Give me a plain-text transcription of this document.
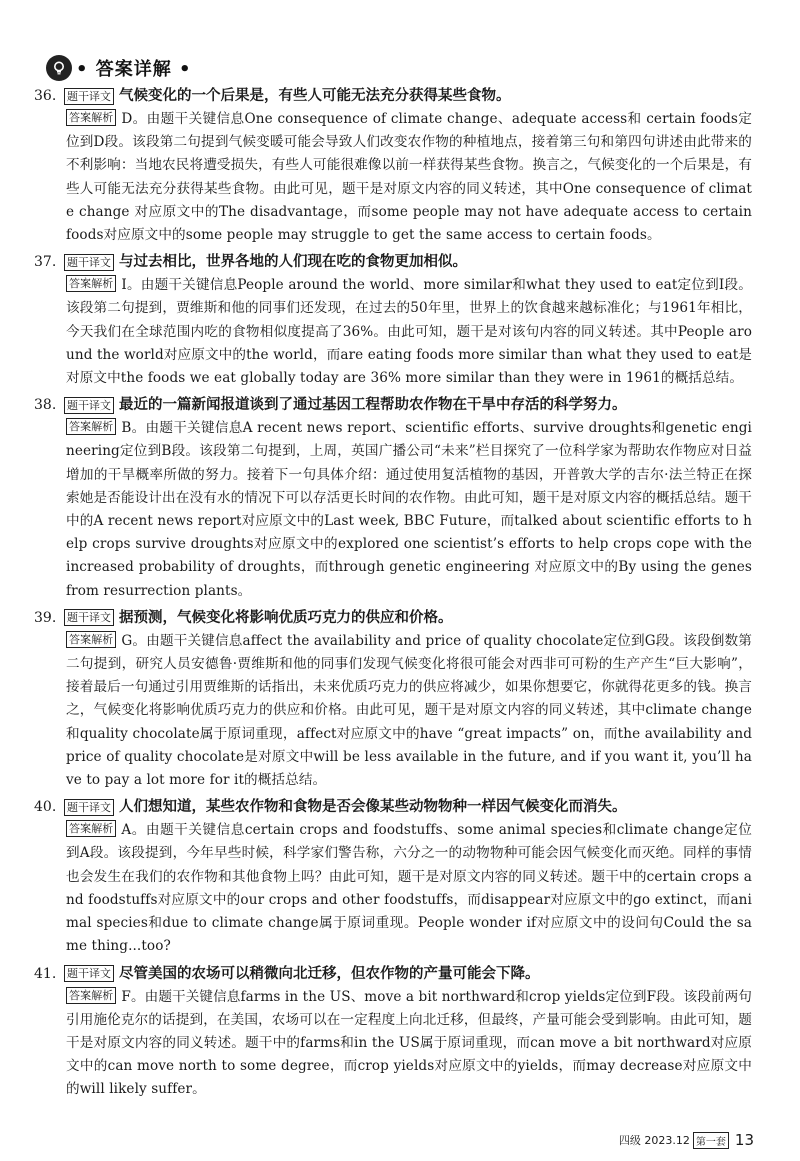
• 答案详解 •
36. 题干译文 气候变化的一个后果是，有些人可能无法充分获得某些食物。
答案解析 D。由题干关键信息One consequence of climate change、adequate access和 certain foods定位到D段。该段第二句提到气候变暖可能会导致人们改变农作物的种植地点，接着第三句和第四句讲述由此带来的不利影响：当地农民将遭受损失，有些人可能很难像以前一样获得某些食物。换言之，气候变化的一个后果是，有些人可能无法充分获得某些食物。由此可见，题干是对原文内容的同义转述，其中One consequence of climate change 对应原文中的The disadvantage，而some people may not have adequate access to certain foods对应原文中的some people may struggle to get the same access to certain foods。
37. 题干译文 与过去相比，世界各地的人们现在吃的食物更加相似。
答案解析 I。由题干关键信息People around the world、more similar和what they used to eat定位到I段。该段第二句提到，贾维斯和他的同事们还发现，在过去的50年里，世界上的饮食越来越标准化；与1961年相比，今天我们在全球范围内吃的食物相似度提高了36%。由此可知，题干是对该句内容的同义转述。其中People around the world对应原文中的the world，而are eating foods more similar than what they used to eat是对原文中the foods we eat globally today are 36% more similar than they were in 1961的概括总结。
38. 题干译文 最近的一篇新闻报道谈到了通过基因工程帮助农作物在干旱中存活的科学努力。
答案解析 B。由题干关键信息A recent news report、scientific efforts、survive droughts和genetic engineering定位到B段。该段第二句提到，上周，英国广播公司“未来”栏目探究了一位科学家为帮助农作物应对日益增加的干旱概率所做的努力。接着下一句具体介绍：通过使用复活植物的基因，开普敦大学的吉尔·法兰特正在探索她是否能设计出在没有水的情况下可以存活更长时间的农作物。由此可知，题干是对原文内容的概括总结。题干中的A recent news report对应原文中的Last week, BBC Future，而talked about scientific efforts to help crops survive droughts对应原文中的explored one scientist’s efforts to help crops cope with the increased probability of droughts，而through genetic engineering 对应原文中的By using the genes from resurrection plants。
39. 题干译文 据预测，气候变化将影响优质巧克力的供应和价格。
答案解析 G。由题干关键信息affect the availability and price of quality chocolate定位到G段。该段倒数第二句提到，研究人员安德鲁·贾维斯和他的同事们发现气候变化将很可能会对西非可可粉的生产产生“巨大影响”，接着最后一句通过引用贾维斯的话指出，未来优质巧克力的供应将减少，如果你想要它，你就得花更多的钱。换言之，气候变化将影响优质巧克力的供应和价格。由此可见，题干是对原文内容的同义转述，其中climate change和quality chocolate属于原词重现，affect对应原文中的have “great impacts” on，而the availability and price of quality chocolate是对原文中will be less available in the future, and if you want it, you’ll have to pay a lot more for it的概括总结。
40. 题干译文 人们想知道，某些农作物和食物是否会像某些动物物种一样因气候变化而消失。
答案解析 A。由题干关键信息certain crops and foodstuffs、some animal species和climate change定位到A段。该段提到，今年早些时候，科学家们警告称，六分之一的动物物种可能会因气候变化而灭绝。同样的事情也会发生在我们的农作物和其他食物上吗？由此可知，题干是对原文内容的同义转述。题干中的certain crops and foodstuffs对应原文中的our crops and other foodstuffs，而disappear对应原文中的go extinct，而animal species和due to climate change属于原词重现。People wonder if对应原文中的设问句Could the same thing...too?
41. 题干译文 尽管美国的农场可以稍微向北迁移，但农作物的产量可能会下降。
答案解析 F。由题干关键信息farms in the US、move a bit northward和crop yields定位到F段。该段前两句引用施伦克尔的话提到，在美国，农场可以在一定程度上向北迁移，但最终，产量可能会受到影响。由此可知，题干是对原文内容的同义转述。题干中的farms和in the US属于原词重现，而can move a bit northward对应原文中的can move north to some degree，而crop yields对应原文中的yields，而may decrease对应原文中的will likely suffer。
四级 2023.12 第一套 13
